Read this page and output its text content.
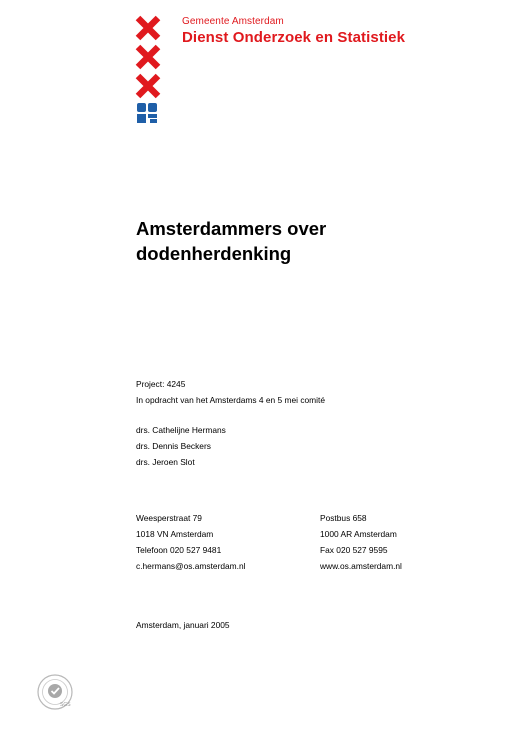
Gemeente Amsterdam
Dienst Onderzoek en Statistiek
Amsterdammers over
dodenherdenking
Project: 4245
In opdracht van het Amsterdams 4 en 5 mei comité
drs. Cathelijne Hermans
drs. Dennis Beckers
drs. Jeroen Slot
Weesperstraat 79
1018 VN Amsterdam
Telefoon 020 527 9481
c.hermans@os.amsterdam.nl
Postbus 658
1000 AR Amsterdam
Fax 020 527 9595
www.os.amsterdam.nl
Amsterdam, januari 2005
SGS
